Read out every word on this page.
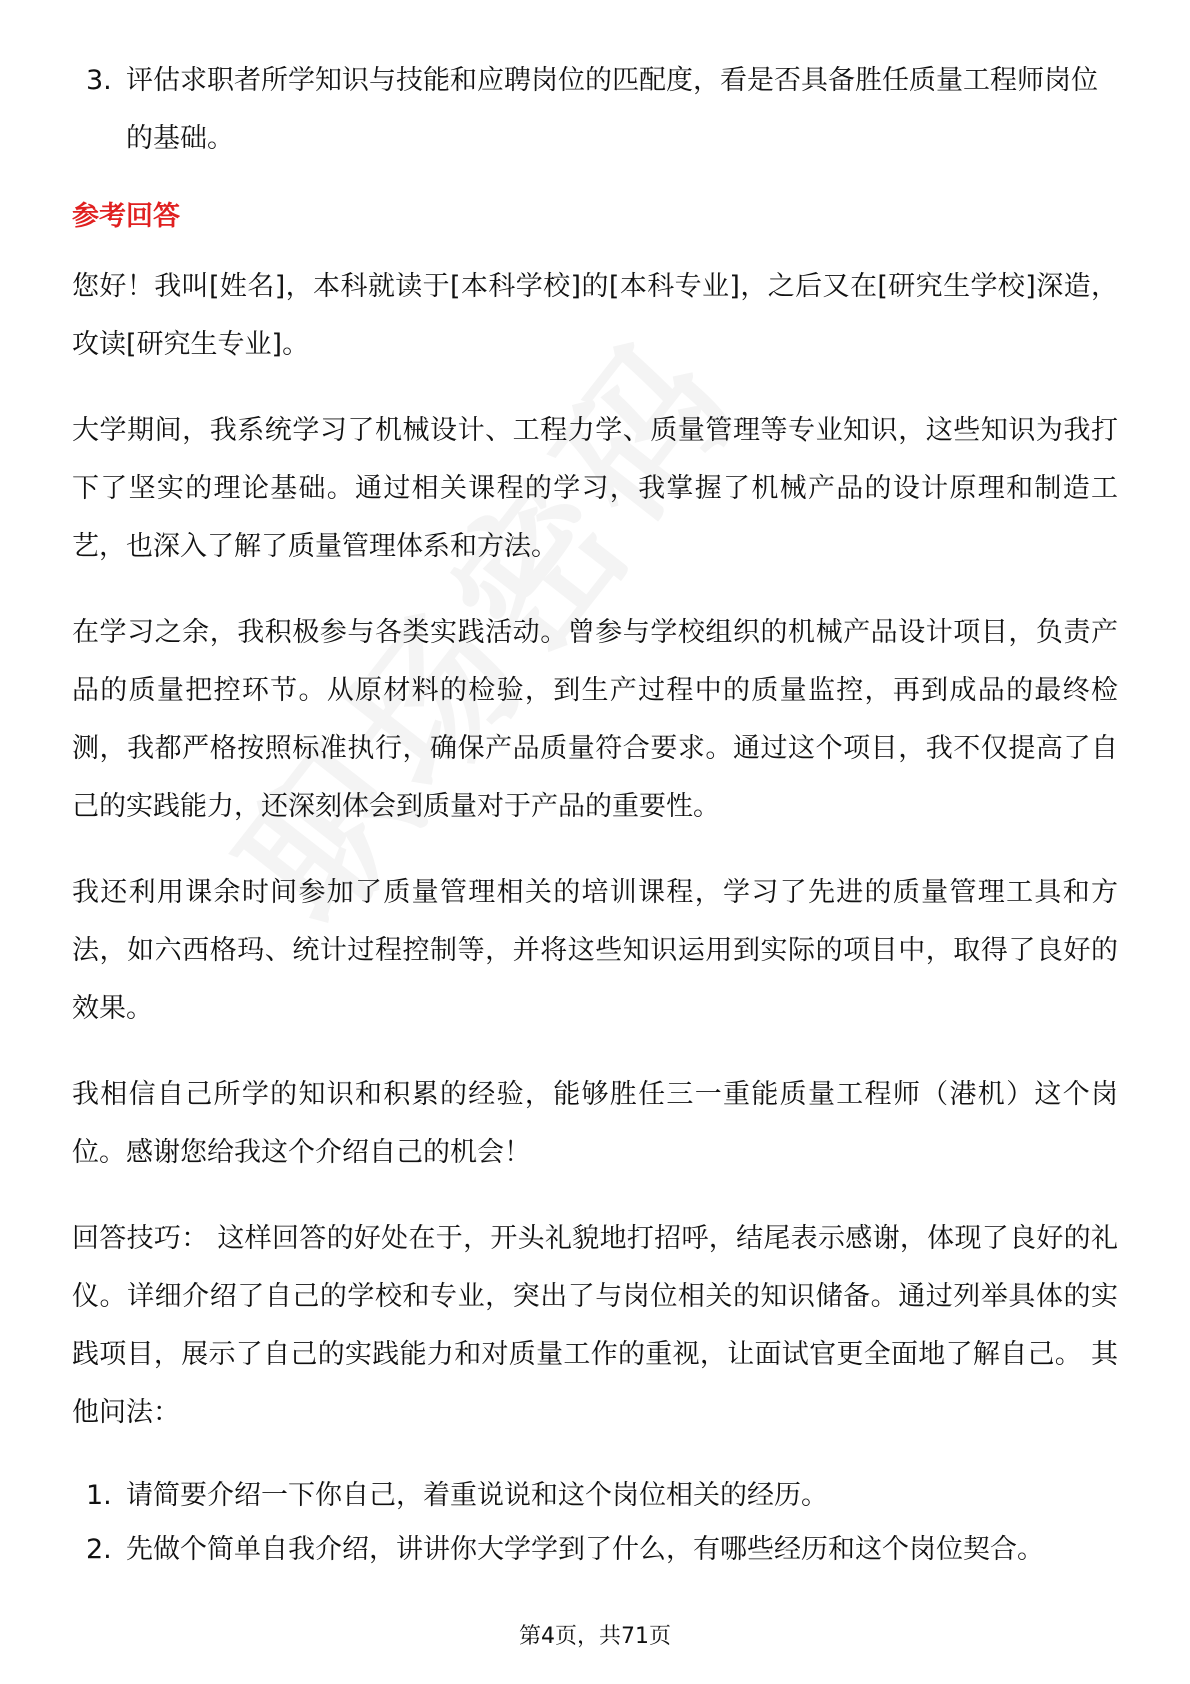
3. 评估求职者所学知识与技能和应聘岗位的匹配度，看是否具备胜任质量工程师岗位的基础。
参考回答

您好！我叫[姓名]，本科就读于[本科学校]的[本科专业]，之后又在[研究生学校]深造，攻读[研究生专业]。

大学期间，我系统学习了机械设计、工程力学、质量管理等专业知识，这些知识为我打下了坚实的理论基础。通过相关课程的学习，我掌握了机械产品的设计原理和制造工艺，也深入了解了质量管理体系和方法。

在学习之余，我积极参与各类实践活动。曾参与学校组织的机械产品设计项目，负责产品的质量把控环节。从原材料的检验，到生产过程中的质量监控，再到成品的最终检测，我都严格按照标准执行，确保产品质量符合要求。通过这个项目，我不仅提高了自己的实践能力，还深刻体会到质量对于产品的重要性。

我还利用课余时间参加了质量管理相关的培训课程，学习了先进的质量管理工具和方法，如六西格玛、统计过程控制等，并将这些知识运用到实际的项目中，取得了良好的效果。

我相信自己所学的知识和积累的经验，能够胜任三一重能质量工程师（港机）这个岗位。感谢您给我这个介绍自己的机会！

回答技巧： 这样回答的好处在于，开头礼貌地打招呼，结尾表示感谢，体现了良好的礼仪。详细介绍了自己的学校和专业，突出了与岗位相关的知识储备。通过列举具体的实践项目，展示了自己的实践能力和对质量工作的重视，让面试官更全面地了解自己。 其他问法：

1. 请简要介绍一下你自己，着重说说和这个岗位相关的经历。
2. 先做个简单自我介绍，讲讲你大学学到了什么，有哪些经历和这个岗位契合。
第4页，共71页
